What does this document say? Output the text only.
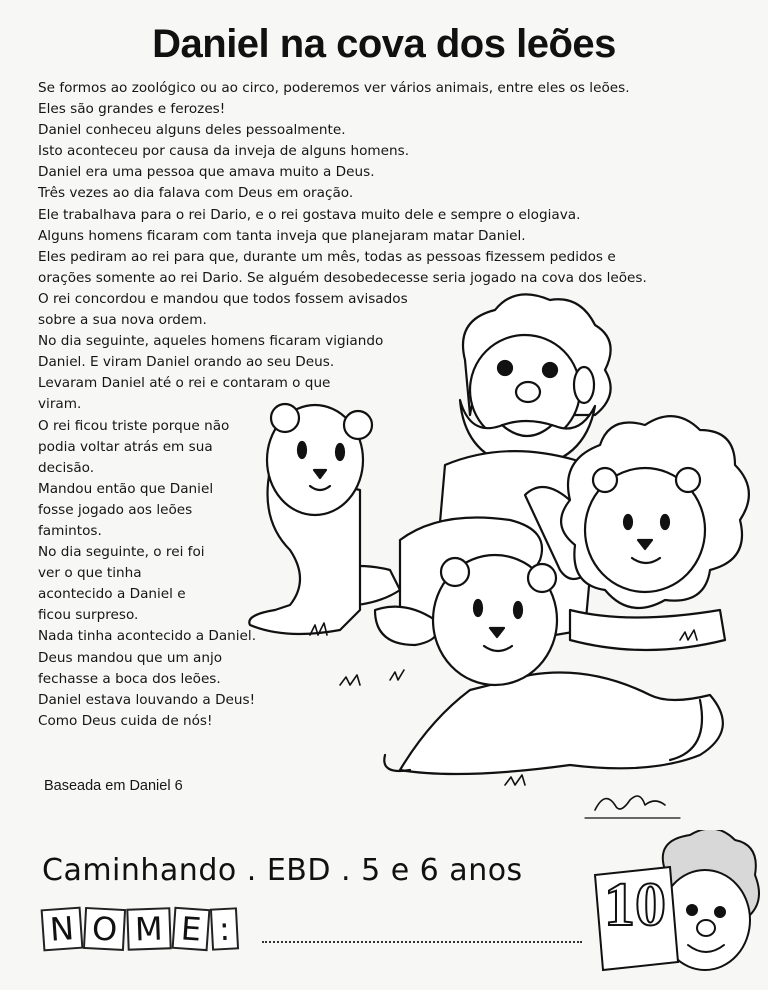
Daniel na cova dos leões
Se formos ao zoológico ou ao circo, poderemos ver vários animais, entre eles os leões.
Eles são grandes e ferozes!
Daniel conheceu alguns deles pessoalmente.
Isto aconteceu por causa da inveja de alguns homens.
Daniel era uma pessoa que amava muito a Deus.
Três vezes ao dia falava com Deus em oração.
Ele trabalhava para o rei Dario, e o rei gostava muito dele e sempre o elogiava.
Alguns homens ficaram com tanta inveja que planejaram matar Daniel.
Eles pediram ao rei para que, durante um mês, todas as pessoas fizessem pedidos e
orações somente ao rei Dario. Se alguém desobedecesse seria jogado na cova dos leões.
O rei concordou e mandou que todos fossem avisados
sobre a sua nova ordem.
No dia seguinte, aqueles homens ficaram vigiando
Daniel. E viram Daniel orando ao seu Deus.
Levaram Daniel até o rei e contaram o que
viram.
O rei ficou triste porque não
podia voltar atrás em sua
decisão.
Mandou então que Daniel
fosse jogado aos leões
famintos.
No dia seguinte, o rei foi
ver o que tinha
acontecido a Daniel e
ficou surpreso.
Nada tinha acontecido a Daniel.
Deus mandou que um anjo
fechasse a boca dos leões.
Daniel estava louvando a Deus!
Como Deus cuida de nós!
Baseada em Daniel 6
Caminhando . EBD . 5 e 6 anos
N O M E :	10
